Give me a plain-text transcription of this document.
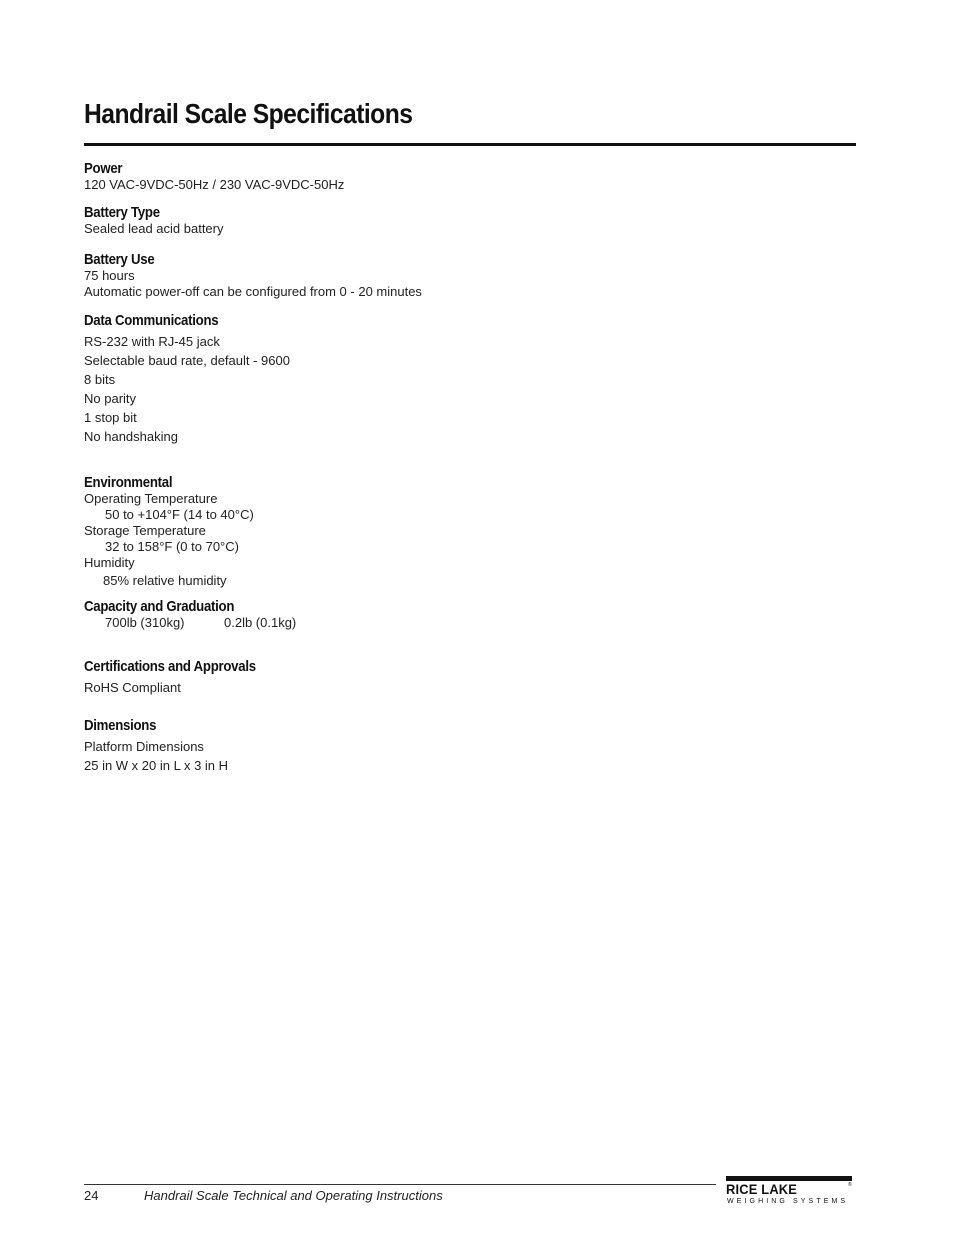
Handrail Scale Specifications
Power
120 VAC-9VDC-50Hz / 230 VAC-9VDC-50Hz
Battery Type
Sealed lead acid battery
Battery Use
75 hours
Automatic power-off can be configured from 0 - 20 minutes
Data Communications
RS-232 with RJ-45 jack
Selectable baud rate, default - 9600
8 bits
No parity
1 stop bit
No handshaking
Environmental
Operating Temperature
50 to +104°F (14 to 40°C)
Storage Temperature
32 to 158°F (0 to 70°C)
Humidity
85% relative humidity
Capacity and Graduation
700lb (310kg)	0.2lb (0.1kg)
Certifications and Approvals
RoHS Compliant
Dimensions
Platform Dimensions
25 in W x 20 in L x 3 in H
24	Handrail Scale Technical and Operating Instructions	RICE LAKE	®
WEIGHING SYSTEMS
